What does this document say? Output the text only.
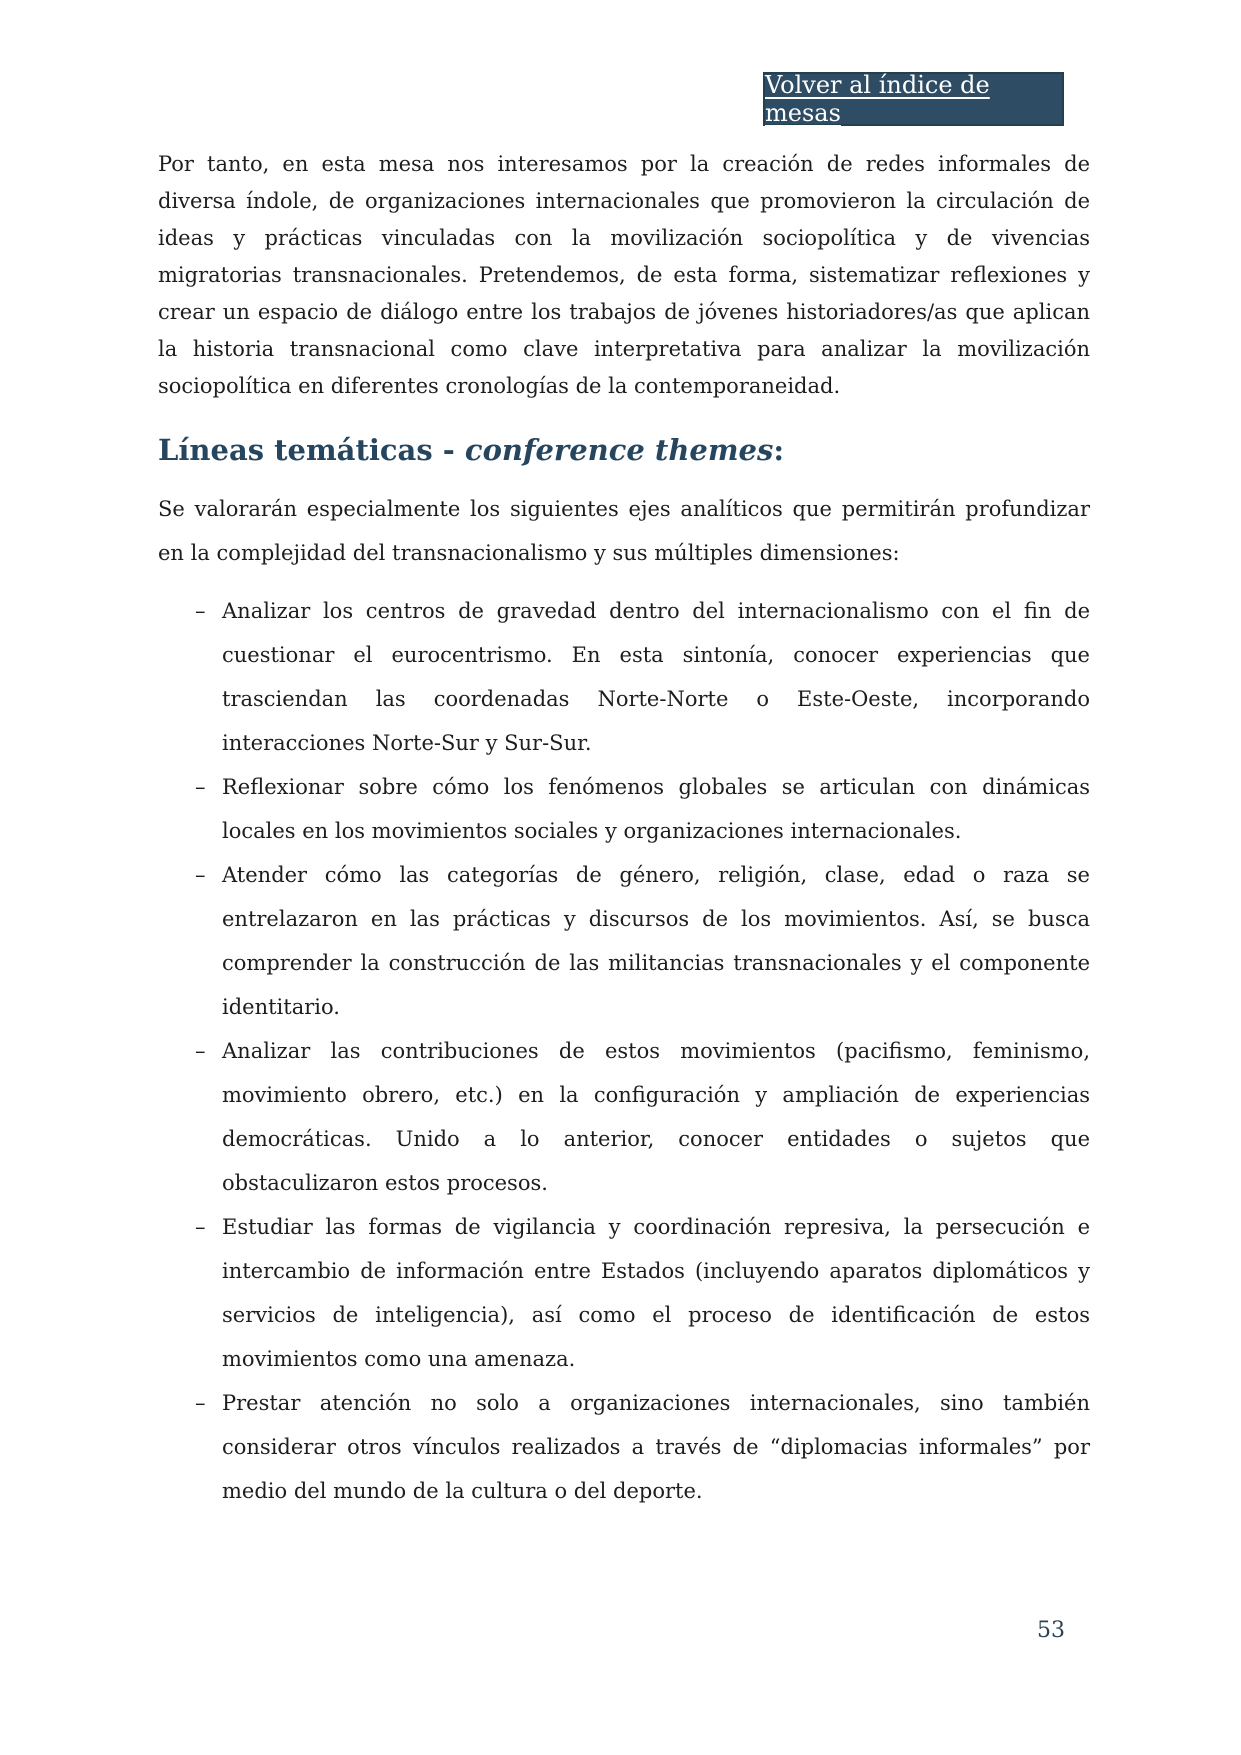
Volver al índice de mesas

Por tanto, en esta mesa nos interesamos por la creación de redes informales de diversa índole, de organizaciones internacionales que promovieron la circulación de ideas y prácticas vinculadas con la movilización sociopolítica y de vivencias migratorias transnacionales. Pretendemos, de esta forma, sistematizar reflexiones y crear un espacio de diálogo entre los trabajos de jóvenes historiadores/as que aplican la historia transnacional como clave interpretativa para analizar la movilización sociopolítica en diferentes cronologías de la contemporaneidad.

Líneas temáticas - conference themes:

Se valorarán especialmente los siguientes ejes analíticos que permitirán profundizar en la complejidad del transnacionalismo y sus múltiples dimensiones:

– Analizar los centros de gravedad dentro del internacionalismo con el fin de cuestionar el eurocentrismo. En esta sintonía, conocer experiencias que trasciendan las coordenadas Norte-Norte o Este-Oeste, incorporando interacciones Norte-Sur y Sur-Sur.
– Reflexionar sobre cómo los fenómenos globales se articulan con dinámicas locales en los movimientos sociales y organizaciones internacionales.
– Atender cómo las categorías de género, religión, clase, edad o raza se entrelazaron en las prácticas y discursos de los movimientos. Así, se busca comprender la construcción de las militancias transnacionales y el componente identitario.
– Analizar las contribuciones de estos movimientos (pacifismo, feminismo, movimiento obrero, etc.) en la configuración y ampliación de experiencias democráticas. Unido a lo anterior, conocer entidades o sujetos que obstaculizaron estos procesos.
– Estudiar las formas de vigilancia y coordinación represiva, la persecución e intercambio de información entre Estados (incluyendo aparatos diplomáticos y servicios de inteligencia), así como el proceso de identificación de estos movimientos como una amenaza.
– Prestar atención no solo a organizaciones internacionales, sino también considerar otros vínculos realizados a través de “diplomacias informales” por medio del mundo de la cultura o del deporte.
53
